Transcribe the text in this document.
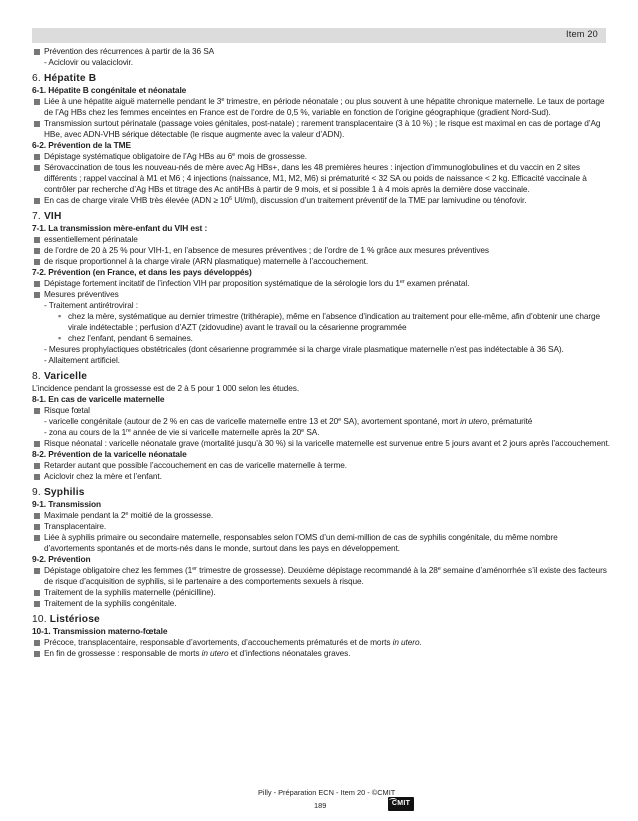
Item 20
Prévention des récurrences à partir de la 36 SA
- Aciclovir ou valaciclovir.
6. Hépatite B
6-1. Hépatite B congénitale et néonatale
Liée à une hépatite aiguë maternelle pendant le 3e trimestre, en période néonatale ; ou plus souvent à une hépatite chronique maternelle. Le taux de portage de l’Ag HBs chez les femmes enceintes en France est de l’ordre de 0,5 %, variable en fonction de l’origine géographique (gradient Nord-Sud).
Transmission surtout périnatale (passage voies génitales, post-natale) ; rarement transplacentaire (3 à 10 %) ; le risque est maximal en cas de portage d’Ag HBe, avec ADN-VHB sérique détectable (le risque augmente avec la valeur d’ADN).
6-2. Prévention de la TME
Dépistage systématique obligatoire de l’Ag HBs au 6e mois de grossesse.
Sérovaccination de tous les nouveau-nés de mère avec Ag HBs+, dans les 48 premières heures : injection d’immunoglobulines et du vaccin en 2 sites différents ; rappel vaccinal à M1 et M6 ; 4 injections (naissance, M1, M2, M6) si prématurité < 32 SA ou poids de naissance < 2 kg. Efficacité vaccinale à contrôler par recherche d’Ag HBs et titrage des Ac antiHBs à partir de 9 mois, et si possible 1 à 4 mois après la dernière dose vaccinale.
En cas de charge virale VHB très élevée ($ADN \ge 10^6$ UI/ml), discussion d’un traitement préventif de la TME par lamivudine ou ténofovir.
7. VIH
7-1. La transmission mère-enfant du VIH est :
essentiellement périnatale
de l’ordre de 20 à 25 % pour VIH-1, en l’absence de mesures préventives ; de l’ordre de 1 % grâce aux mesures préventives
de risque proportionnel à la charge virale (ARN plasmatique) maternelle à l’accouchement.
7-2. Prévention (en France, et dans les pays développés)
Dépistage fortement incitatif de l’infection VIH par proposition systématique de la sérologie lors du 1er examen prénatal.
Mesures préventives
- Traitement antirétroviral :
▪ chez la mère, systématique au dernier trimestre (trithérapie), même en l’absence d’indication au traitement pour elle-même, afin d’obtenir une charge virale indétectable ; perfusion d’AZT (zidovudine) avant le travail ou la césarienne programmée
▪ chez l’enfant, pendant 6 semaines.
- Mesures prophylactiques obstétricales (dont césarienne programmée si la charge virale plasmatique maternelle n’est pas indétectable à 36 SA).
- Allaitement artificiel.
8. Varicelle
L’incidence pendant la grossesse est de 2 à 5 pour 1 000 selon les études.
8-1. En cas de varicelle maternelle
Risque fœtal
- varicelle congénitale (autour de 2 % en cas de varicelle maternelle entre 13 et 20e SA), avortement spontané, mort in utero, prématurité
- zona au cours de la 1re année de vie si varicelle maternelle après la 20e SA.
Risque néonatal : varicelle néonatale grave (mortalité jusqu’à 30 %) si la varicelle maternelle est survenue entre 5 jours avant et 2 jours après l’accouchement.
8-2. Prévention de la varicelle néonatale
Retarder autant que possible l’accouchement en cas de varicelle maternelle à terme.
Aciclovir chez la mère et l’enfant.
9. Syphilis
9-1. Transmission
Maximale pendant la 2e moitié de la grossesse.
Transplacentaire.
Liée à syphilis primaire ou secondaire maternelle, responsables selon l’OMS d’un demi-million de cas de syphilis congénitale, du même nombre d’avortements spontanés et de morts-nés dans le monde, surtout dans les pays en développement.
9-2. Prévention
Dépistage obligatoire chez les femmes (1er trimestre de grossesse). Deuxième dépistage recommandé à la 28e semaine d’aménorrhée s’il existe des facteurs de risque d’acquisition de syphilis, si le partenaire a des comportements sexuels à risque.
Traitement de la syphilis maternelle (pénicilline).
Traitement de la syphilis congénitale.
10. Listériose
10-1. Transmission materno-fœtale
Précoce, transplacentaire, responsable d’avortements, d’accouchements prématurés et de morts in utero.
En fin de grossesse : responsable de morts in utero et d’infections néonatales graves.
Pilly - Préparation ECN - Item 20 - ©CMIT
189	CMIT
